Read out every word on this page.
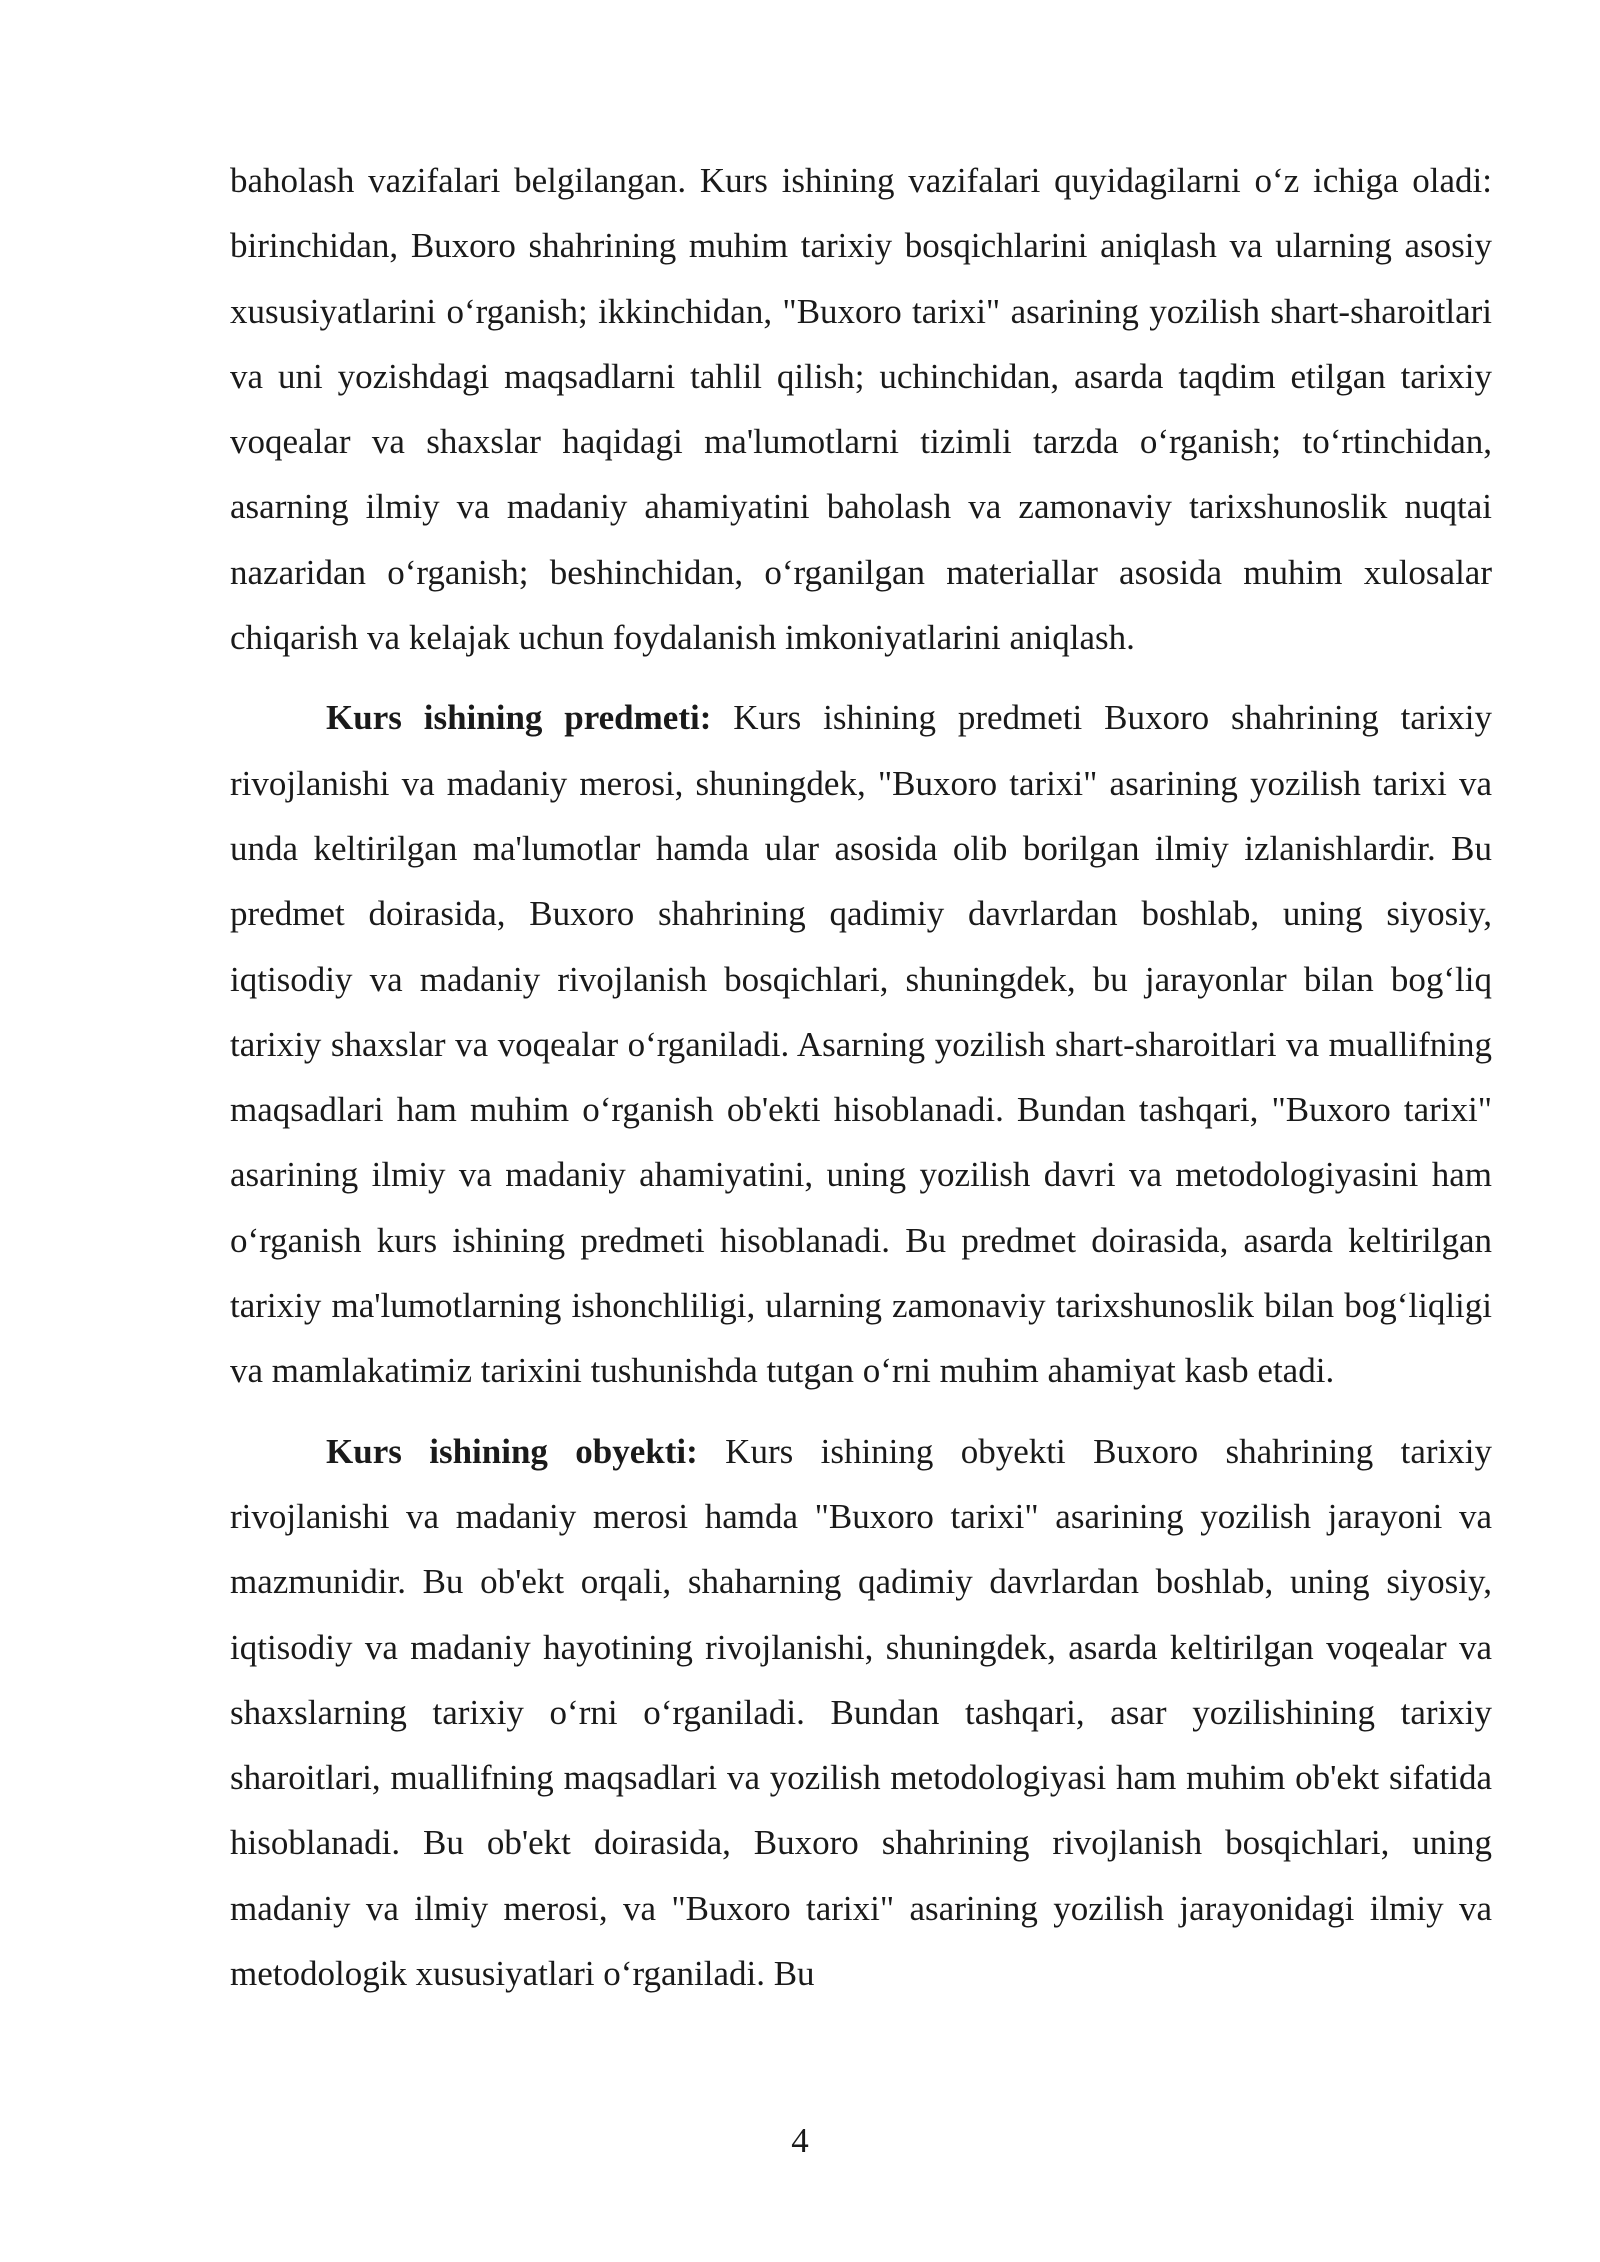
baholash vazifalari belgilangan. Kurs ishining vazifalari quyidagilarni o‘z ichiga oladi: birinchidan, Buxoro shahrining muhim tarixiy bosqichlarini aniqlash va ularning asosiy xususiyatlarini o‘rganish; ikkinchidan, "Buxoro tarixi" asarining yozilish shart-sharoitlari va uni yozishdagi maqsadlarni tahlil qilish; uchinchidan, asarda taqdim etilgan tarixiy voqealar va shaxslar haqidagi ma'lumotlarni tizimli tarzda o‘rganish; to‘rtinchidan, asarning ilmiy va madaniy ahamiyatini baholash va zamonaviy tarixshunoslik nuqtai nazaridan o‘rganish; beshinchidan, o‘rganilgan materiallar asosida muhim xulosalar chiqarish va kelajak uchun foydalanish imkoniyatlarini aniqlash.

Kurs ishining predmeti: Kurs ishining predmeti Buxoro shahrining tarixiy rivojlanishi va madaniy merosi, shuningdek, "Buxoro tarixi" asarining yozilish tarixi va unda keltirilgan ma'lumotlar hamda ular asosida olib borilgan ilmiy izlanishlardir. Bu predmet doirasida, Buxoro shahrining qadimiy davrlardan boshlab, uning siyosiy, iqtisodiy va madaniy rivojlanish bosqichlari, shuningdek, bu jarayonlar bilan bog‘liq tarixiy shaxslar va voqealar o‘rganiladi. Asarning yozilish shart-sharoitlari va muallifning maqsadlari ham muhim o‘rganish ob'ekti hisoblanadi. Bundan tashqari, "Buxoro tarixi" asarining ilmiy va madaniy ahamiyatini, uning yozilish davri va metodologiyasini ham o‘rganish kurs ishining predmeti hisoblanadi. Bu predmet doirasida, asarda keltirilgan tarixiy ma'lumotlarning ishonchliligi, ularning zamonaviy tarixshunoslik bilan bog‘liqligi va mamlakatimiz tarixini tushunishda tutgan o‘rni muhim ahamiyat kasb etadi.

Kurs ishining obyekti: Kurs ishining obyekti Buxoro shahrining tarixiy rivojlanishi va madaniy merosi hamda "Buxoro tarixi" asarining yozilish jarayoni va mazmunidir. Bu ob'ekt orqali, shaharning qadimiy davrlardan boshlab, uning siyosiy, iqtisodiy va madaniy hayotining rivojlanishi, shuningdek, asarda keltirilgan voqealar va shaxslarning tarixiy o‘rni o‘rganiladi. Bundan tashqari, asar yozilishining tarixiy sharoitlari, muallifning maqsadlari va yozilish metodologiyasi ham muhim ob'ekt sifatida hisoblanadi. Bu ob'ekt doirasida, Buxoro shahrining rivojlanish bosqichlari, uning madaniy va ilmiy merosi, va "Buxoro tarixi" asarining yozilish jarayonidagi ilmiy va metodologik xususiyatlari o‘rganiladi. Bu

4
